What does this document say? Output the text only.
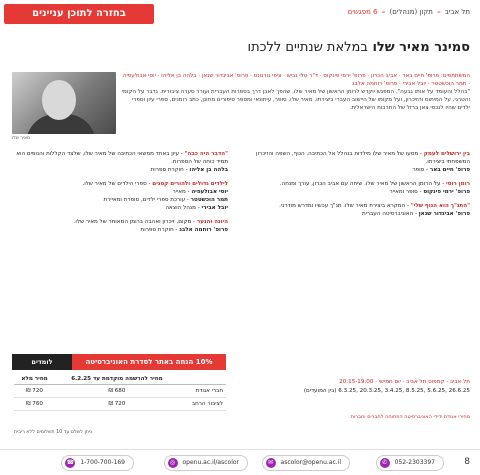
בחזרה לתוכן עניינים	תל אביב – תקון (מנהלים) – 6 מפגשים
סמינר מאיר שלו במלאת שנתיים ללכתו
המשתתפים: פרופ' חיים באר · אביב הכרון · פרופ' ירמי פינקוס · ד"ר טלי גביש · ציפי גורגונס · פרופ' אביגדור שנאן · בלהה בן אליהו · יוסי אבולעפיה · תמר הוכשטטר · יובל אבירי · פרופ' רוחמה אלבג
"בהלל והעומד על אותו גבעה". המפגש יוקדש לרומן הראשון של מאיר שלו, שהפך לאבן דרך בספרות העברית ועורר סערה ציבורית. נדבר על הקומי והטרגי, על המיתוס והזיכרון, ועל מקומו של היישוב העברי ביצירתו. מאיר שלו, סופר, עיתונאי ומספר סיפורים מחונן, כתב רומנים, ספרי עיון וספרי ילדים שהיו לנכסי צאן ברזל של התרבות הישראלית.
מאיר שלו
בין ירושלים לעמק - מסעו של מאיר שלו מילדות בנהלל אל הכתיבה. הנוף, השפה והזיכרון המשפחתי ביצירתו.
פרופ' חיים באר - סופר
רומן רוסי - על הרומן הראשון של מאיר שלו. שיחה עם אביב הכרון, עורך ומנחה.
פרופ' ירמי פינקוס - סופר ומאייר
"התנ"ך הוא הנוף שלי" - המקרא ביצירת מאיר שלו. תנ"ך עכשיו ומדרש מודרני.
פרופ' אביגדור שנאן - האוניברסיטה העברית
"הדבר היה כבה" - עיון באחד ממשאי הכתיבה של מאיר שלו, שלצד הקללות והנופים הוא תמיד כוחה של הספרות.
בלהה בן אליהו - חוקרת ספרות
לילדים גדולים ולהורים קטנים - ספרי הילדים של מאיר שלו.
יוסי אבולעפיה - מאייר
תמר הוכשטטר - עורכת ספרי ילדים, סופרת ומאיירת
יובל אבירי - מנהל הוצאה
היונה והנער - מקום, זיכרון ואהבה ברומן המאוחר של מאיר שלו.
פרופ' רוחמה אלבג - חוקרת ספרות
10% הנחה באתר לסדרת האוניברסיטה
לומדים
	מחיר להרשמה מוקדמת עד 6.2.25	מחיר מלא
חברי אגודת	680 ₪	720 ₪
לציבור הרחב	720 ₪	760 ₪
ניתן לשלם עד 10 תשלומים ללא ריבית
תל אביב · קמפוס תל אביב · יום חמישי · 20:15-19:00
26.6.25 ,5.6.25 ,8.5.25 ,3.4.25 ,20.3.25 ,6.3.25 (בין המועדים)
מחירי אגודת ידידי האוניברסיטה הפתוחה לחברים וחברות
8
✆	052-2303397
✉	ascolor@openu.ac.il
◎	openu.ac.il/ascolor
☎ 1-700-700-169
